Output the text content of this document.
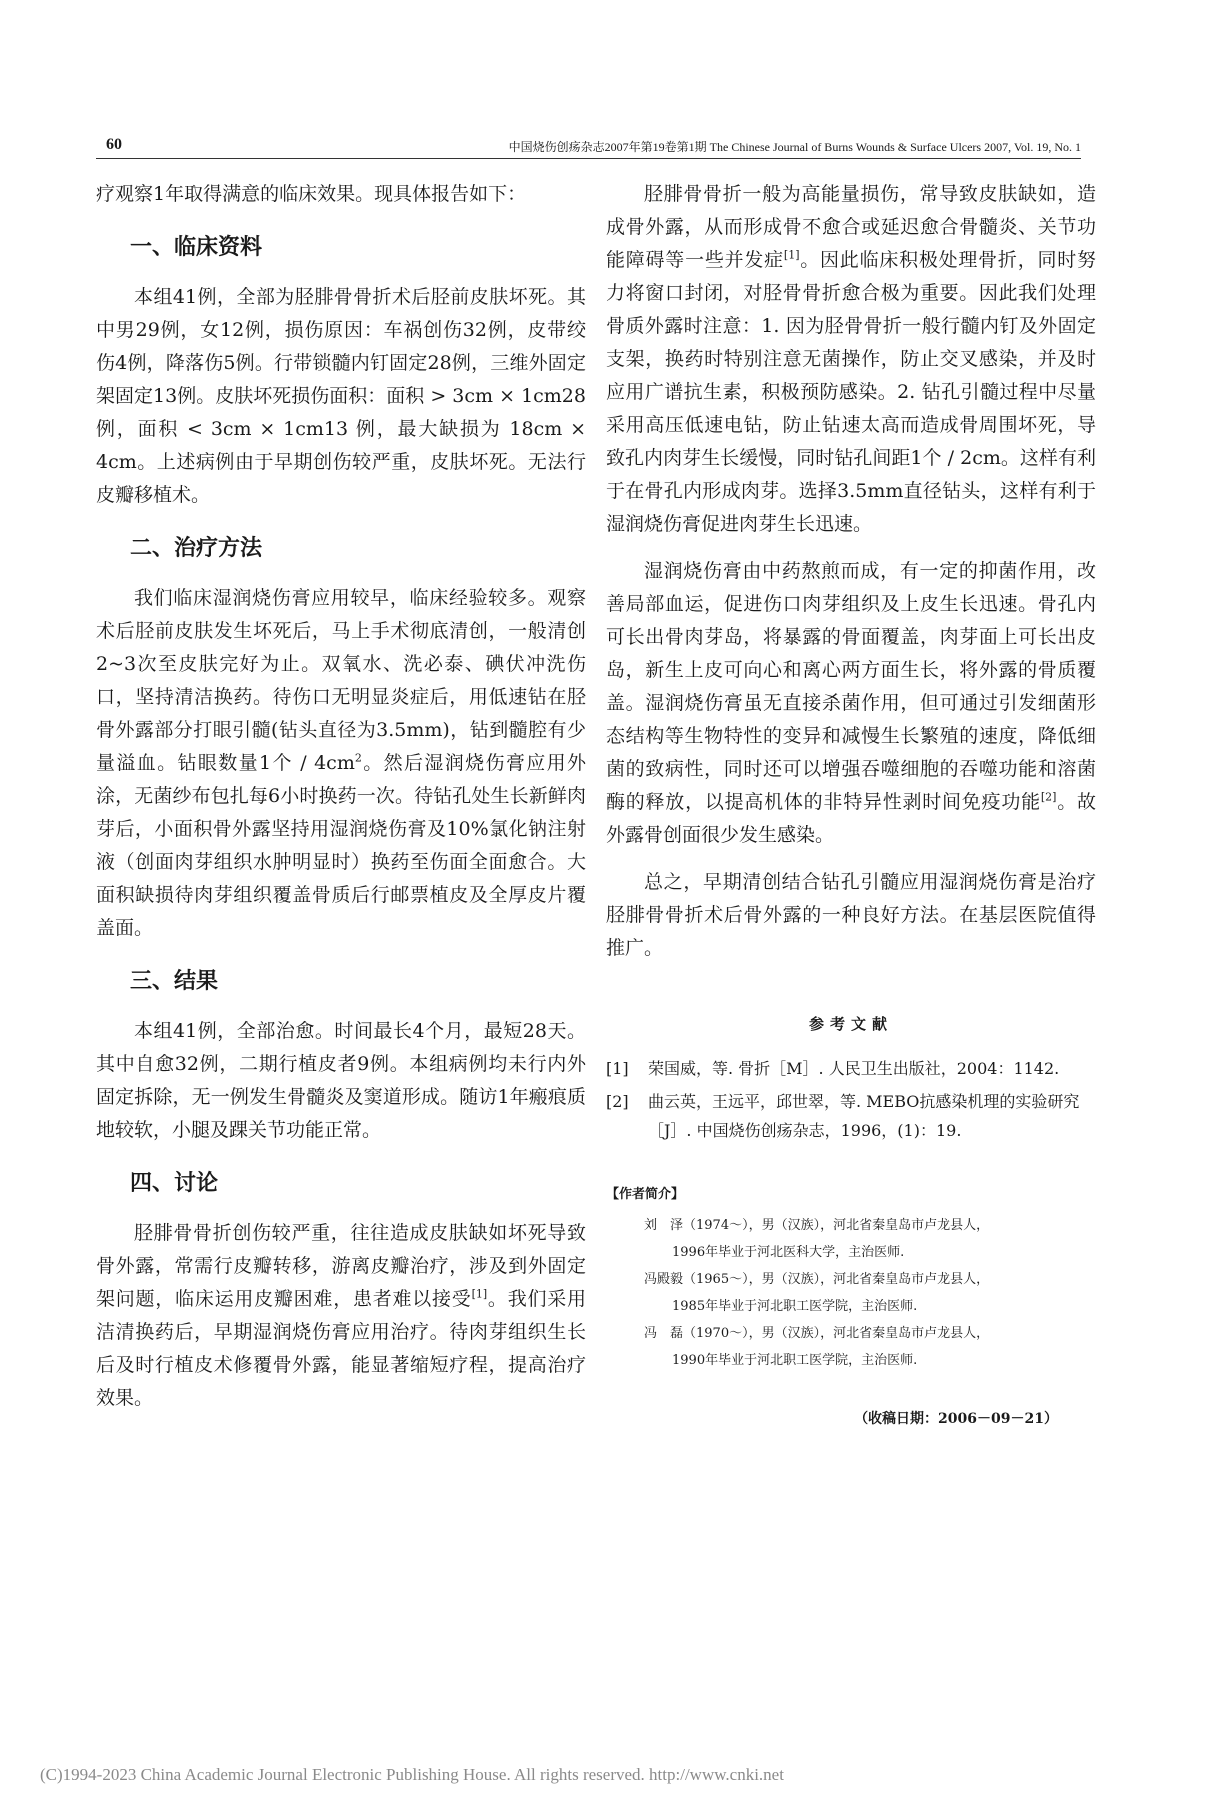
60	中国烧伤创疡杂志2007年第19卷第1期 The Chinese Journal of Burns Wounds & Surface Ulcers 2007, Vol. 19, No. 1

疗观察1年取得满意的临床效果。现具体报告如下：

一、临床资料

本组41例，全部为胫腓骨骨折术后胫前皮肤坏死。其中男29例，女12例，损伤原因：车祸创伤32例，皮带绞伤4例，降落伤5例。行带锁髓内钉固定28例，三维外固定架固定13例。皮肤坏死损伤面积：面积 > 3cm × 1cm28 例，面积 < 3cm × 1cm13 例，最大缺损为 18cm × 4cm。上述病例由于早期创伤较严重，皮肤坏死。无法行皮瓣移植术。

二、治疗方法

我们临床湿润烧伤膏应用较早，临床经验较多。观察术后胫前皮肤发生坏死后，马上手术彻底清创，一般清创2~3次至皮肤完好为止。双氧水、洗必泰、碘伏冲洗伤口，坚持清洁换药。待伤口无明显炎症后，用低速钻在胫骨外露部分打眼引髓(钻头直径为3.5mm)，钻到髓腔有少量溢血。钻眼数量1个 / $4cm^2$。然后湿润烧伤膏应用外涂，无菌纱布包扎每6小时换药一次。待钻孔处生长新鲜肉芽后，小面积骨外露坚持用湿润烧伤膏及10%氯化钠注射液（创面肉芽组织水肿明显时）换药至伤面全面愈合。大面积缺损待肉芽组织覆盖骨质后行邮票植皮及全厚皮片覆盖面。

三、结果

本组41例，全部治愈。时间最长4个月，最短28天。其中自愈32例，二期行植皮者9例。本组病例均未行内外固定拆除，无一例发生骨髓炎及窦道形成。随访1年瘢痕质地较软，小腿及踝关节功能正常。

四、讨论

胫腓骨骨折创伤较严重，往往造成皮肤缺如坏死导致骨外露，常需行皮瓣转移，游离皮瓣治疗，涉及到外固定架问题，临床运用皮瓣困难，患者难以接受[1]。我们采用洁清换药后，早期湿润烧伤膏应用治疗。待肉芽组织生长后及时行植皮术修覆骨外露，能显著缩短疗程，提高治疗效果。

胫腓骨骨折一般为高能量损伤，常导致皮肤缺如，造成骨外露，从而形成骨不愈合或延迟愈合骨髓炎、关节功能障碍等一些并发症[1]。因此临床积极处理骨折，同时努力将窗口封闭，对胫骨骨折愈合极为重要。因此我们处理骨质外露时注意：1. 因为胫骨骨折一般行髓内钉及外固定支架，换药时特别注意无菌操作，防止交叉感染，并及时应用广谱抗生素，积极预防感染。2. 钻孔引髓过程中尽量采用高压低速电钻，防止钻速太高而造成骨周围坏死，导致孔内肉芽生长缓慢，同时钻孔间距1个 / 2cm。这样有利于在骨孔内形成肉芽。选择3.5mm直径钻头，这样有利于湿润烧伤膏促进肉芽生长迅速。

湿润烧伤膏由中药熬煎而成，有一定的抑菌作用，改善局部血运，促进伤口肉芽组织及上皮生长迅速。骨孔内可长出骨肉芽岛，将暴露的骨面覆盖，肉芽面上可长出皮岛，新生上皮可向心和离心两方面生长，将外露的骨质覆盖。湿润烧伤膏虽无直接杀菌作用，但可通过引发细菌形态结构等生物特性的变异和减慢生长繁殖的速度，降低细菌的致病性，同时还可以增强吞噬细胞的吞噬功能和溶菌酶的释放，以提高机体的非特异性剥时间免疫功能[2]。故外露骨创面很少发生感染。

总之，早期清创结合钻孔引髓应用湿润烧伤膏是治疗胫腓骨骨折术后骨外露的一种良好方法。在基层医院值得推广。

参考文献
[1]	荣国威，等. 骨折［M］. 人民卫生出版社，2004：1142.
[2]	曲云英，王远平，邱世翠，等. MEBO抗感染机理的实验研究［J］. 中国烧伤创疡杂志，1996，(1)：19.
【作者简介】
刘　泽（1974～），男（汉族），河北省秦皇岛市卢龙县人，
1996年毕业于河北医科大学，主治医师.
冯殿毅（1965～），男（汉族），河北省秦皇岛市卢龙县人，
1985年毕业于河北职工医学院，主治医师.
冯　磊（1970～），男（汉族），河北省秦皇岛市卢龙县人，
1990年毕业于河北职工医学院，主治医师.
（收稿日期：2006－09－21）
(C)1994-2023 China Academic Journal Electronic Publishing House. All rights reserved. http://www.cnki.net
